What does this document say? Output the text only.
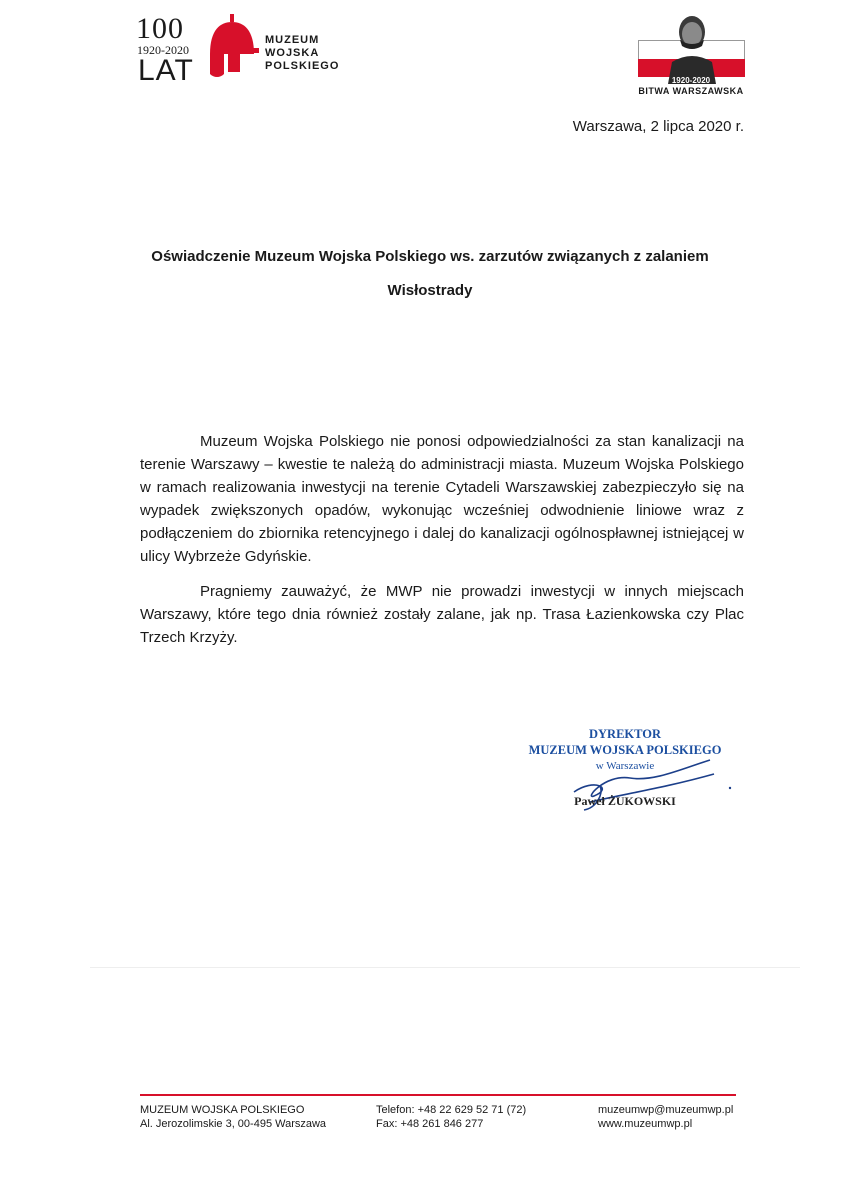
100
1920-2020
LAT
MUZEUM
WOJSKA
POLSKIEGO
1920-2020
BITWA WARSZAWSKA
Warszawa, 2 lipca 2020 r.
Oświadczenie Muzeum Wojska Polskiego ws. zarzutów związanych z zalaniem
Wisłostrady

Muzeum Wojska Polskiego nie ponosi odpowiedzialności za stan kanalizacji na terenie Warszawy – kwestie te należą do administracji miasta. Muzeum Wojska Polskiego w ramach realizowania inwestycji na terenie Cytadeli Warszawskiej zabezpieczyło się na wypadek zwiększonych opadów, wykonując wcześniej odwodnienie liniowe wraz z podłączeniem do zbiornika retencyjnego i dalej do kanalizacji ogólnospławnej istniejącej w ulicy Wybrzeże Gdyńskie.

Pragniemy zauważyć, że MWP nie prowadzi inwestycji w innych miejscach Warszawy, które tego dnia również zostały zalane, jak np. Trasa Łazienkowska czy Plac Trzech Krzyży.

DYREKTOR
MUZEUM WOJSKA POLSKIEGO
w Warszawie
Paweł ŻUKOWSKI
MUZEUM WOJSKA POLSKIEGO
Al. Jerozolimskie 3, 00-495 Warszawa
Telefon: +48 22 629 52 71 (72)
Fax: +48 261 846 277
muzeumwp@muzeumwp.pl
www.muzeumwp.pl
